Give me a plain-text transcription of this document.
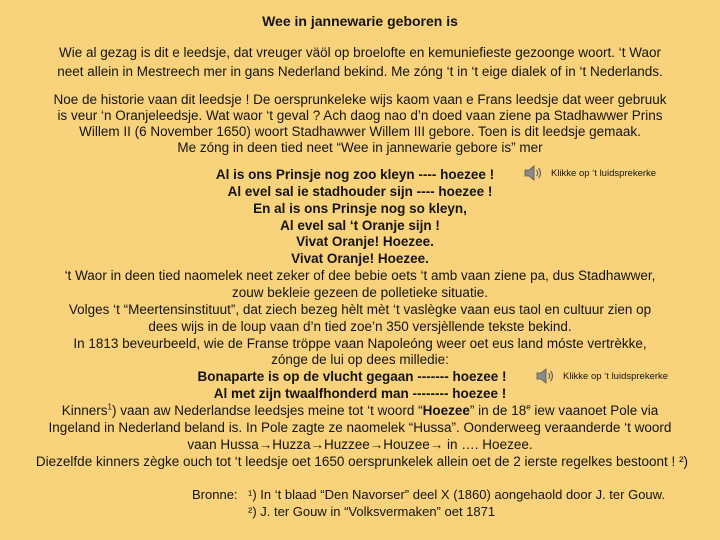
Wee in jannewarie geboren is
Wie al gezag is dit e leedsje, dat vreuger väöl op broelofte en kemuniefieste gezoonge woort. ‘t Waor
neet allein in Mestreech mer in gans Nederland bekind. Me zóng ‘t in ‘t eige dialek of in ‘t Nederlands.
Noe de historie vaan dit leedsje ! De oersprunkeleke wijs kaom vaan e Frans leedsje dat weer gebruuk
is veur ‘n Oranjeleedsje. Wat waor ‘t geval ? Ach daog nao d’n doed vaan ziene pa Stadhawwer Prins
Willem II (6 November 1650) woort Stadhawwer Willem III gebore. Toen is dit leedsje gemaak.
Me zóng in deen tied neet “Wee in jannewarie gebore is” mer
Al is ons Prinsje nog zoo kleyn ---- hoezee !	Klikke op ‘t luidsprekerke
Al evel sal ie stadhouder sijn ---- hoezee !
En al is ons Prinsje nog so kleyn,
Al evel sal ‘t Oranje sijn !
Vivat Oranje! Hoezee.
Vivat Oranje! Hoezee.
‘t Waor in deen tied naomelek neet zeker of dee bebie oets ‘t amb vaan ziene pa, dus Stadhawwer,
zouw bekleie gezeen de polletieke situatie.
Volges ‘t “Meertensinstituut”, dat ziech bezeg hèlt mèt ‘t vaslègke vaan eus taol en cultuur zien op
dees wijs in de loup vaan d’n tied zoe’n 350 versjèllende tekste bekind.
In 1813 beveurbeeld, wie de Franse tröppe vaan Napoleóng weer oet eus land móste vertrèkke,
zónge de lui op dees milledie:
Bonaparte is op de vlucht gegaan ------- hoezee !	Klikke op ‘t luidsprekerke
Al met zijn twaalfhonderd man -------- hoezee !
Kinners$^1$) vaan aw Nederlandse leedsjes meine tot ‘t woord “Hoezee” in de 18e iew vaanoet Pole via
Ingeland in Nederland beland is. In Pole zagte ze naomelek “Hussa”. Oonderweeg veraanderde ‘t woord
vaan Hussa→Huzza→Huzzee→Houzee→ in …. Hoezee.
Diezelfde kinners zègke ouch tot ‘t leedsje oet 1650 oersprunkelek allein oet de 2 ierste regelkes bestoont ! ²)
Bronne: ¹) In ‘t blaad “Den Navorser” deel X (1860) aongehaold door J. ter Gouw.
²) J. ter Gouw in “Volksvermaken” oet 1871
